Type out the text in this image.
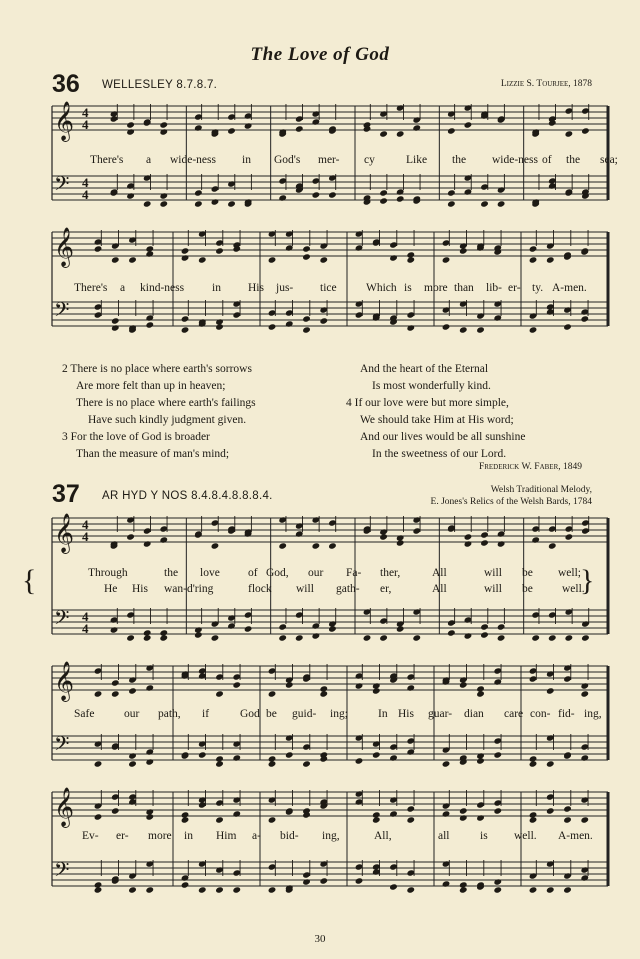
The Love of God
36 WELLESLEY 8.7.8.7.	Lizzie S. Tourjee, 1878
𝄞 4
4
𝄢 4
4
There's a wide-ness in God's mer- cy	Like the wide-ness of the sea;
𝄞
𝄢
There's a kind-ness in His jus- tice	Which is more than lib- er- ty. A-men.
2 There is no place where earth's sorrows
Are more felt than up in heaven;
There is no place where earth's failings
Have such kindly judgment given.
3 For the love of God is broader
Than the measure of man's mind;
And the heart of the Eternal
Is most wonderfully kind.
4 If our love were but more simple,
We should take Him at His word;
And our lives would be all sunshine
In the sweetness of our Lord.
Frederick W. Faber, 1849
37 AR HYD Y NOS 8.4.8.4.8.8.8.4.	Welsh Traditional Melody,
E. Jones's Relics of the Welsh Bards, 1784
𝄞 4
4
𝄢 4
4
{	}
Through	the love of God, our Fa- ther,	All	will be well;
He His wan-d'ring	flock will gath- er,	All	will be	well.
𝄞
𝄢
Safe	our path, if	God be guid- ing;	In His guar- dian care con- fid- ing,
𝄞
𝄢
Ev- er- more in Him a- bid- ing,	All,	all	is well. A-men.
30
